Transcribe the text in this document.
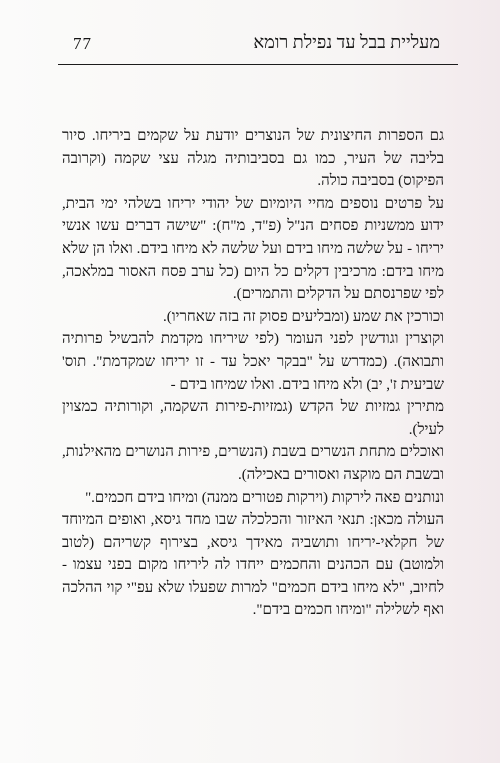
77	מעליית בבל עד נפילת רומא

גם הספרות החיצונית של הנוצרים יודעת על שקמים ביריחו. סיור בליבה של העיר, כמו גם בסביבותיה מגלה עצי שקמה (וקרובה הפיקוס) בסביבה כולה.

על פרטים נוספים מחיי היומיום של יהודי יריחו בשלהי ימי הבית, ידוע ממשניות פסחים הנ"ל (פ"ד, מ"ח): "שישה דברים עשו אנשי יריחו - על שלשה מיחו בידם ועל שלשה לא מיחו בידם. ואלו הן שלא מיחו בידם: מרכיבין דקלים כל היום (כל ערב פסח האסור במלאכה, לפי שפרנסתם על הדקלים והתמרים).

וכורכין את שמע (ומבליעים פסוק זה בזה שאחריו).

וקוצרין וגודשין לפני העומר (לפי שיריחו מקדמת להבשיל פרותיה ותבואה). (כמדרש על "בבקר יאכל עד - זו יריחו שמקדמת". תוס' שביעית ז', יב) ולא מיחו בידם. ואלו שמיחו בידם -

מתירין גמזיות של הקדש (גמזיות-פירות השקמה, וקורותיה כמצוין לעיל).

ואוכלים מתחת הנשרים בשבת (הנשרים, פירות הנושרים מהאילנות, ובשבת הם מוקצה ואסורים באכילה).

ונותנים פאה לירקות (וירקות פטורים ממנה) ומיחו בידם חכמים."

העולה מכאן: תנאי האיזור והכלכלה שבו מחד גיסא, ואופים המיוחד של חקלאי-יריחו ותושביה מאידך גיסא, בצירוף קשריהם (לטוב ולמוטב) עם הכהנים והחכמים ייחדו לה ליריחו מקום בפני עצמו - לחיוב, "לא מיחו בידם חכמים" למרות שפעלו שלא עפ"י קוי ההלכה ואף לשלילה "ומיחו חכמים בידם".
